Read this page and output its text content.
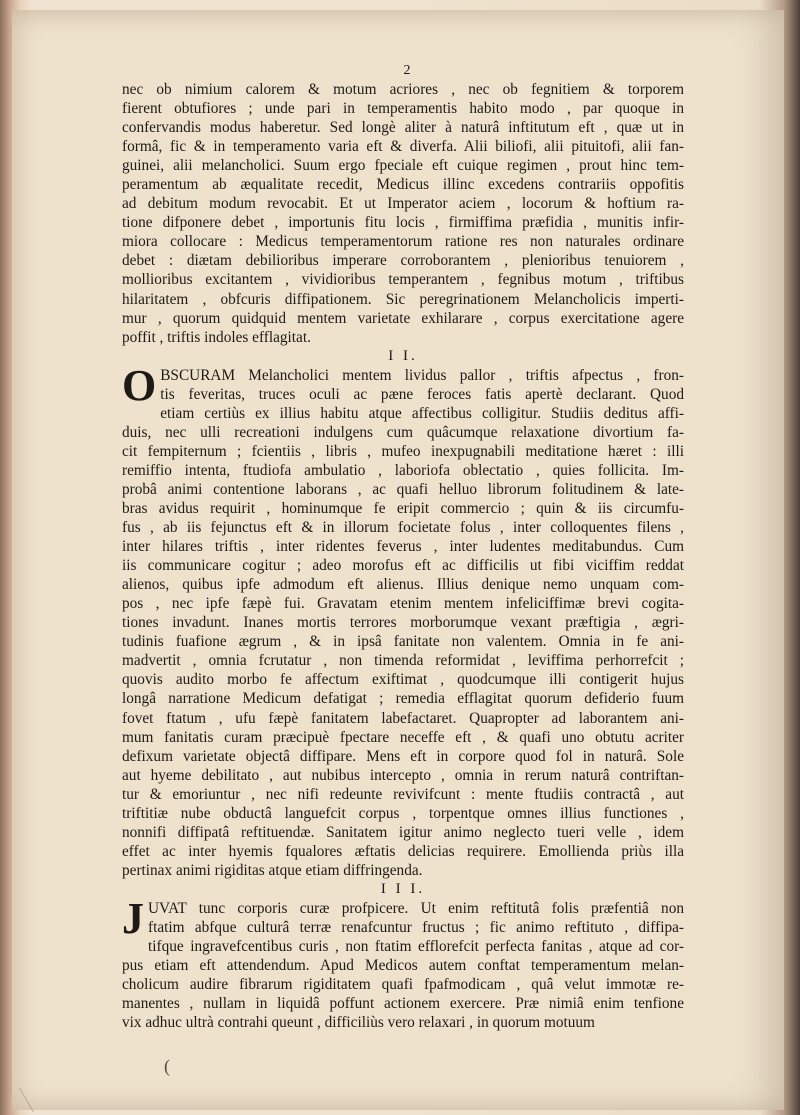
(
2
nec ob nimium calorem & motum acriores , nec ob fegnitiem & torporem
fierent obtufiores ; unde pari in temperamentis habito modo , par quoque in
confervandis modus haberetur. Sed longè aliter à naturâ inftitutum eft , quæ ut in
formâ, fic & in temperamento varia eft & diverfa. Alii biliofi, alii pituitofi, alii fan-
guinei, alii melancholici. Suum ergo fpeciale eft cuique regimen , prout hinc tem-
peramentum ab æqualitate recedit, Medicus illinc excedens contrariis oppofitis
ad debitum modum revocabit. Et ut Imperator aciem , locorum & hoftium ra-
tione difponere debet , importunis fitu locis , firmiffima præfidia , munitis infir-
miora collocare : Medicus temperamentorum ratione res non naturales ordinare
debet : diætam debilioribus imperare corroborantem , plenioribus tenuiorem ,
mollioribus excitantem , vividioribus temperantem , fegnibus motum , triftibus
hilaritatem , obfcuris diffipationem. Sic peregrinationem Melancholicis imperti-
mur , quorum quidquid mentem varietate exhilarare , corpus exercitatione agere
poffit , triftis indoles efflagitat.
I I.
O BSCURAM Melancholici mentem lividus pallor , triftis afpectus , fron-
tis feveritas, truces oculi ac pæne feroces fatis apertè declarant. Quod
etiam certiùs ex illius habitu atque affectibus colligitur. Studiis deditus affi-
duis, nec ulli recreationi indulgens cum quâcumque relaxatione divortium fa-
cit fempiternum ; fcientiis , libris , mufeo inexpugnabili meditatione hæret : illi
remiffio intenta, ftudiofa ambulatio , laboriofa oblectatio , quies follicita. Im-
probâ animi contentione laborans , ac quafi helluo librorum folitudinem & late-
bras avidus requirit , hominumque fe eripit commercio ; quin & iis circumfu-
fus , ab iis fejunctus eft & in illorum focietate folus , inter colloquentes filens ,
inter hilares triftis , inter ridentes feverus , inter ludentes meditabundus. Cum
iis communicare cogitur ; adeo morofus eft ac difficilis ut fibi viciffim reddat
alienos, quibus ipfe admodum eft alienus. Illius denique nemo unquam com-
pos , nec ipfe fæpè fui. Gravatam etenim mentem infeliciffimæ brevi cogita-
tiones invadunt. Inanes mortis terrores morborumque vexant præftigia , ægri-
tudinis fuafione ægrum , & in ipsâ fanitate non valentem. Omnia in fe ani-
madvertit , omnia fcrutatur , non timenda reformidat , leviffima perhorrefcit ;
quovis audito morbo fe affectum exiftimat , quodcumque illi contigerit hujus
longâ narratione Medicum defatigat ; remedia efflagitat quorum defiderio fuum
fovet ftatum , ufu fæpè fanitatem labefactaret. Quapropter ad laborantem ani-
mum fanitatis curam præcipuè fpectare neceffe eft , & quafi uno obtutu acriter
defixum varietate objectâ diffipare. Mens eft in corpore quod fol in naturâ. Sole
aut hyeme debilitato , aut nubibus intercepto , omnia in rerum naturâ contriftan-
tur & emoriuntur , nec nifi redeunte revivifcunt : mente ftudiis contractâ , aut
triftitiæ nube obductâ languefcit corpus , torpentque omnes illius functiones ,
nonnifi diffipatâ reftituendæ. Sanitatem igitur animo neglecto tueri velle , idem
effet ac inter hyemis fqualores æftatis delicias requirere. Emollienda priùs illa
pertinax animi rigiditas atque etiam diffringenda.
I I I.
J UVAT tunc corporis curæ profpicere. Ut enim reftitutâ folis præfentiâ non
ftatim abfque culturâ terræ renafcuntur fructus ; fic animo reftituto , diffipa-
tifque ingravefcentibus curis , non ftatim efflorefcit perfecta fanitas , atque ad cor-
pus etiam eft attendendum. Apud Medicos autem conftat temperamentum melan-
cholicum audire fibrarum rigiditatem quafi fpafmodicam , quâ velut immotæ re-
manentes , nullam in liquidâ poffunt actionem exercere. Præ nimiâ enim tenfione
vix adhuc ultrà contrahi queunt , difficiliùs vero relaxari , in quorum motuum
